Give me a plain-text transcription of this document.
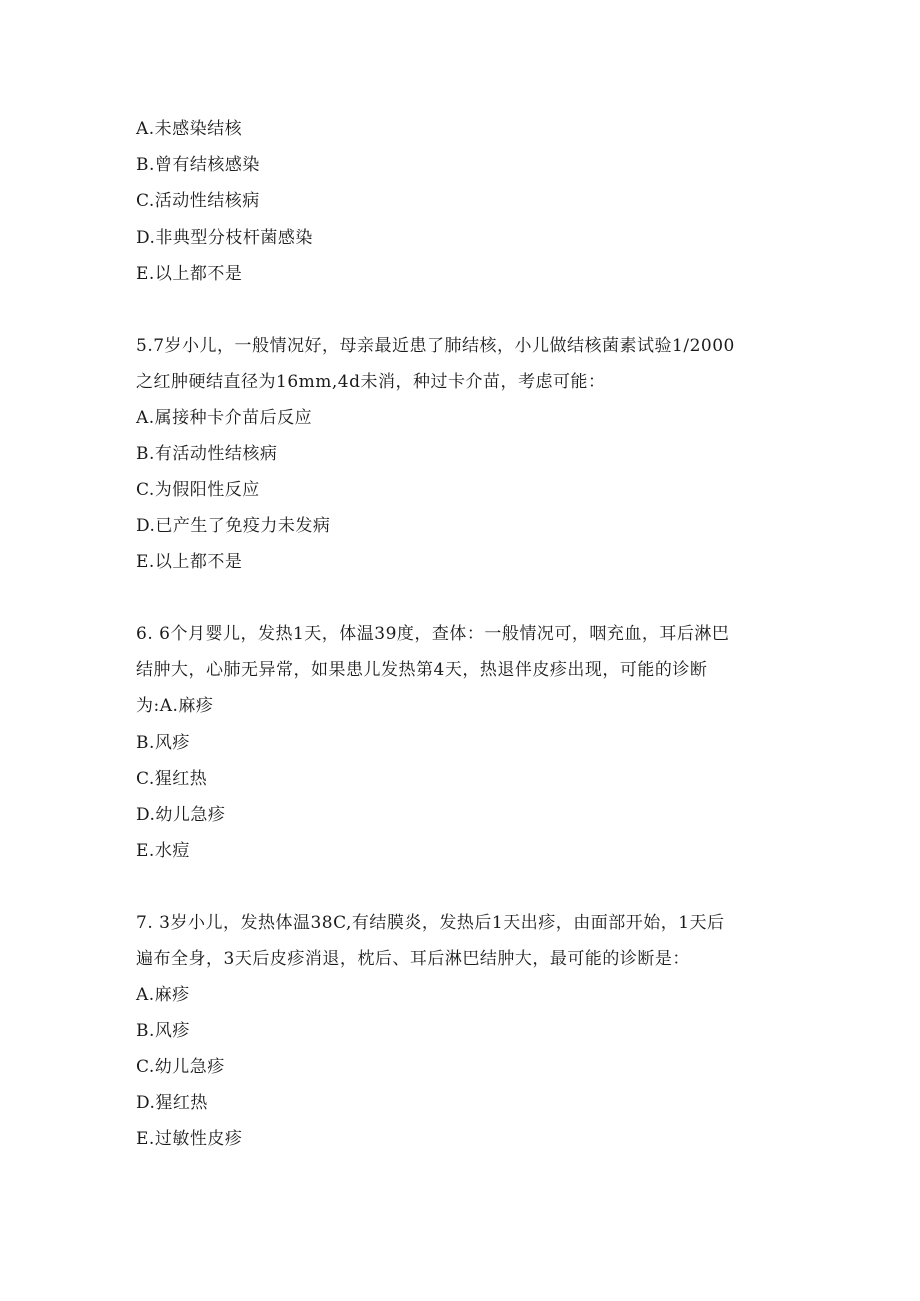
A.未感染结核
B.曾有结核感染
C.活动性结核病
D.非典型分枝杆菌感染
E.以上都不是
5.7岁小儿，一般情况好，母亲最近患了肺结核，小儿做结核菌素试验1/2000
之红肿硬结直径为16mm,4d未消，种过卡介苗，考虑可能：
A.属接种卡介苗后反应
B.有活动性结核病
C.为假阳性反应
D.已产生了免疫力未发病
E.以上都不是
6. 6个月婴儿，发热1天，体温39度，查体：一般情况可，咽充血，耳后淋巴
结肿大，心肺无异常，如果患儿发热第4天，热退伴皮疹出现，可能的诊断
为:A.麻疹
B.风疹
C.猩红热
D.幼儿急疹
E.水痘
7. 3岁小儿，发热体温38C,有结膜炎，发热后1天出疹，由面部开始，1天后
遍布全身，3天后皮疹消退，枕后、耳后淋巴结肿大，最可能的诊断是：
A.麻疹
B.风疹
C.幼儿急疹
D.猩红热
E.过敏性皮疹
